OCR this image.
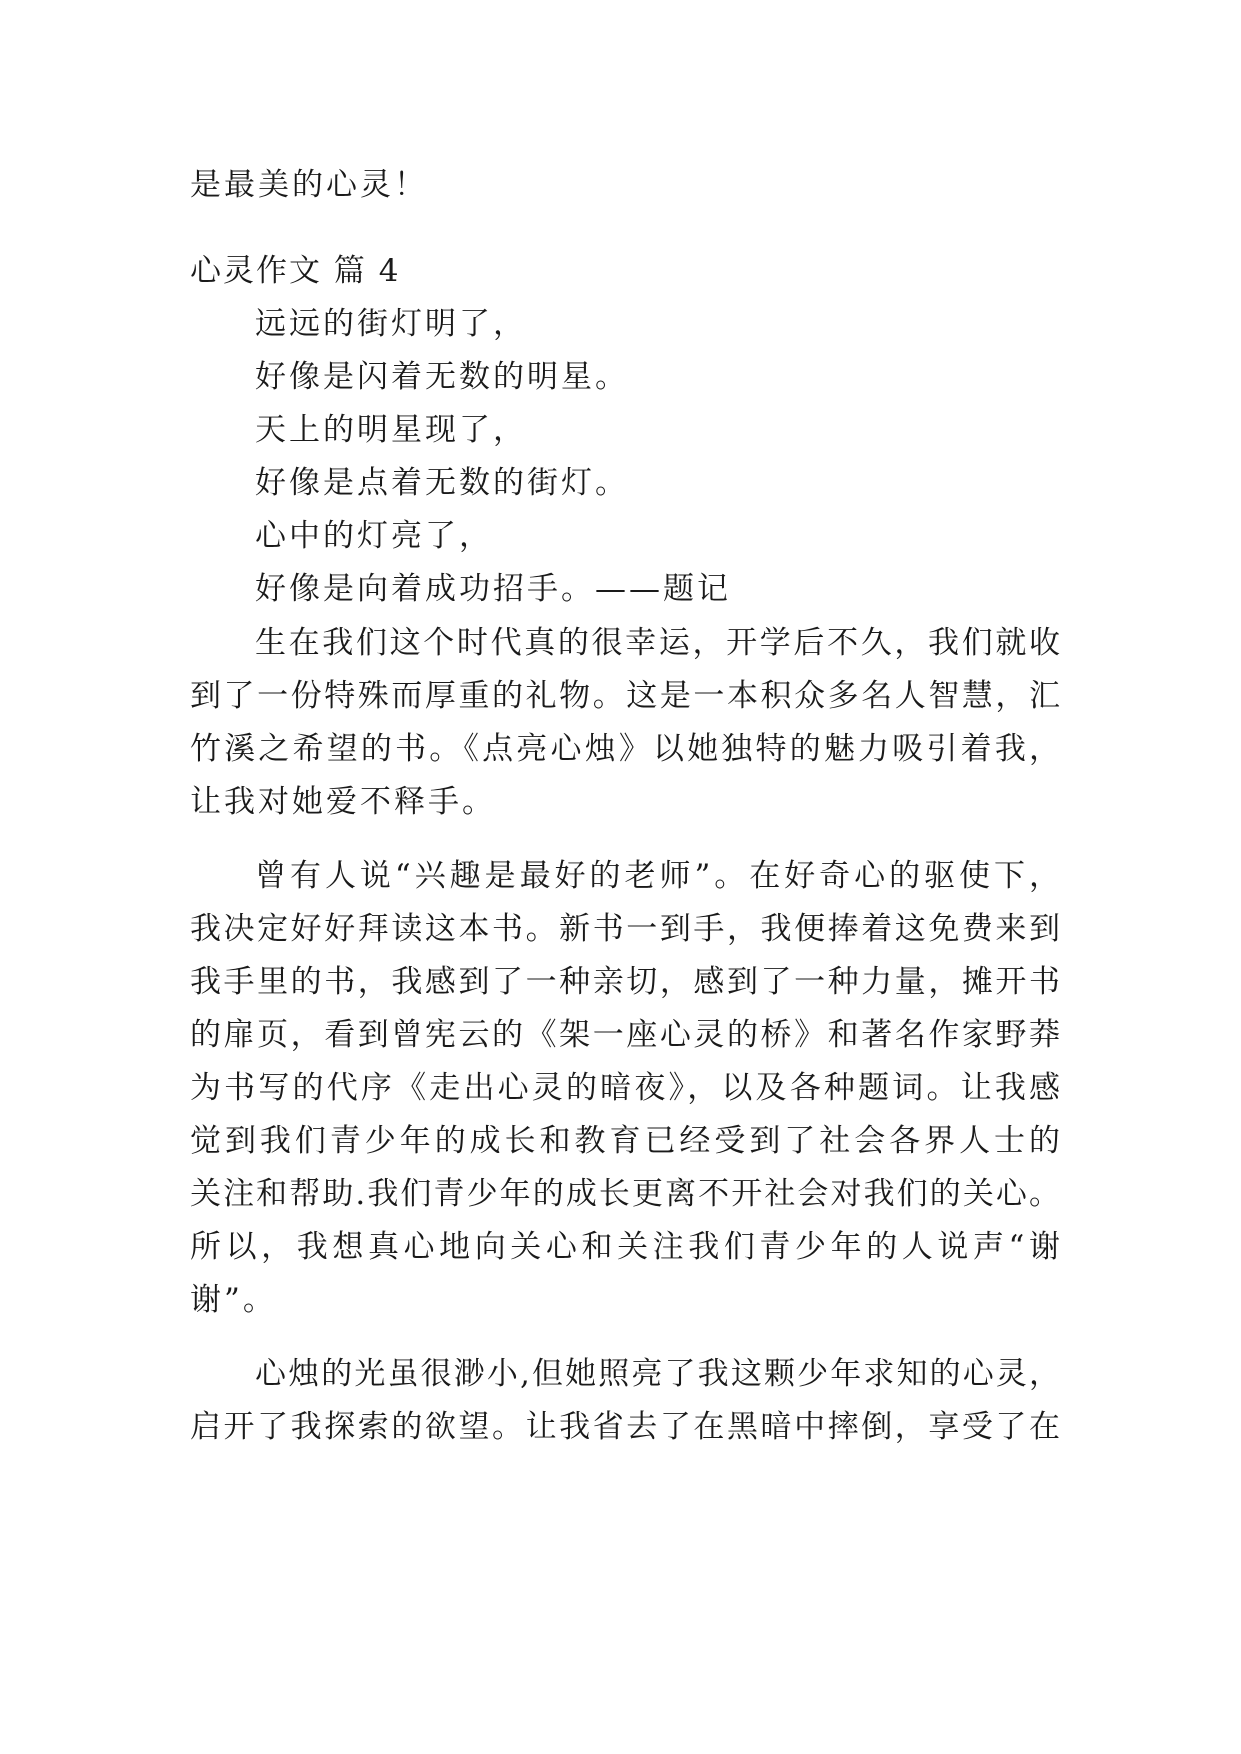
是最美的心灵！
心灵作文 篇 4
远远的街灯明了，
好像是闪着无数的明星。
天上的明星现了，
好像是点着无数的街灯。
心中的灯亮了，
好像是向着成功招手。——题记
生在我们这个时代真的很幸运，开学后不久，我们就收
到了一份特殊而厚重的礼物。这是一本积众多名人智慧，汇
竹溪之希望的书。《点亮心烛》以她独特的魅力吸引着我，
让我对她爱不释手。
曾有人说“兴趣是最好的老师”。在好奇心的驱使下，
我决定好好拜读这本书。新书一到手，我便捧着这免费来到
我手里的书，我感到了一种亲切，感到了一种力量，摊开书
的扉页，看到曾宪云的《架一座心灵的桥》和著名作家野莽
为书写的代序《走出心灵的暗夜》，以及各种题词。让我感
觉到我们青少年的成长和教育已经受到了社会各界人士的
关注和帮助.我们青少年的成长更离不开社会对我们的关心。
所以，我想真心地向关心和关注我们青少年的人说声“谢
谢”。
心烛的光虽很渺小,但她照亮了我这颗少年求知的心灵，
启开了我探索的欲望。让我省去了在黑暗中摔倒，享受了在
